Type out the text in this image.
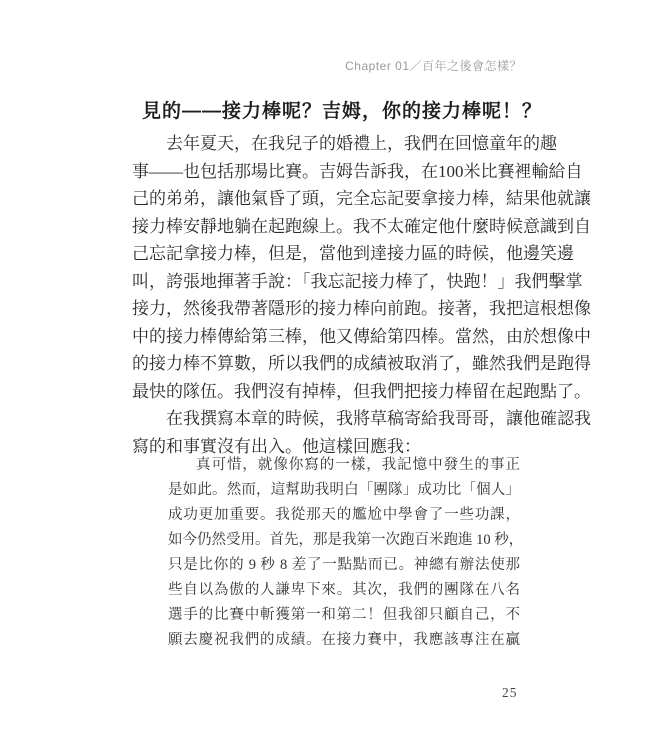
Chapter 01／百年之後會怎樣？
見的——接力棒呢？吉姆，你的接力棒呢！？
去年夏天，在我兒子的婚禮上，我們在回憶童年的趣
事——也包括那場比賽。吉姆告訴我，在100米比賽裡輸給自
己的弟弟，讓他氣昏了頭，完全忘記要拿接力棒，結果他就讓
接力棒安靜地躺在起跑線上。我不太確定他什麼時候意識到自
己忘記拿接力棒，但是，當他到達接力區的時候，他邊笑邊
叫，誇張地揮著手說：「我忘記接力棒了，快跑！」我們擊掌
接力，然後我帶著隱形的接力棒向前跑。接著，我把這根想像
中的接力棒傳給第三棒，他又傳給第四棒。當然，由於想像中
的接力棒不算數，所以我們的成績被取消了，雖然我們是跑得
最快的隊伍。我們沒有掉棒，但我們把接力棒留在起跑點了。
在我撰寫本章的時候，我將草稿寄給我哥哥，讓他確認我
寫的和事實沒有出入。他這樣回應我：
真可惜，就像你寫的一樣，我記憶中發生的事正
是如此。然而，這幫助我明白「團隊」成功比「個人」
成功更加重要。我從那天的尷尬中學會了一些功課，
如今仍然受用。首先，那是我第一次跑百米跑進 10 秒，
只是比你的 9 秒 8 差了一點點而已。神總有辦法使那
些自以為傲的人謙卑下來。其次，我們的團隊在八名
選手的比賽中斬獲第一和第二！但我卻只顧自己，不
願去慶祝我們的成績。在接力賽中，我應該專注在贏
25
